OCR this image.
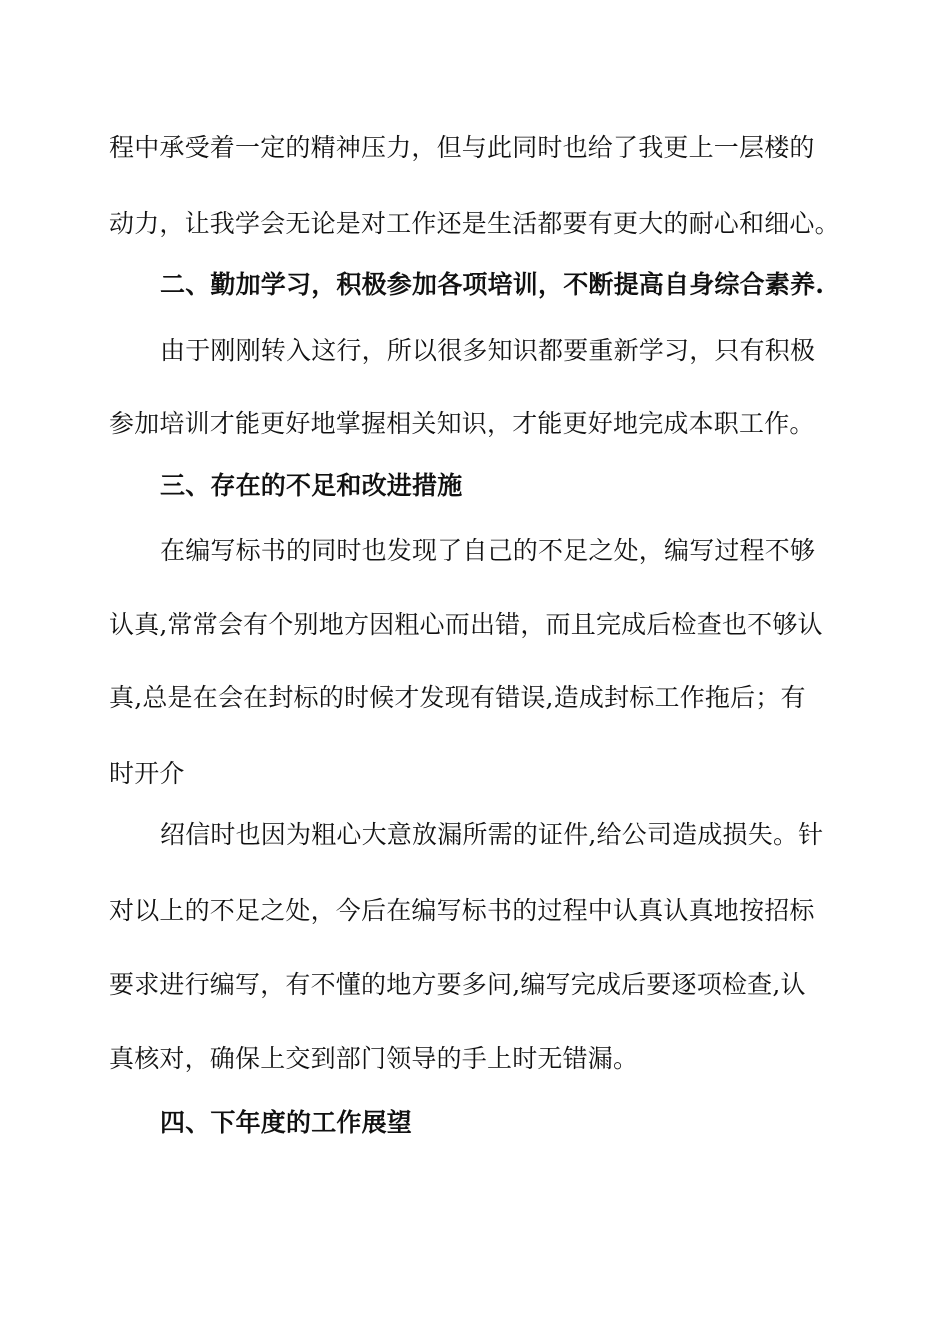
程中承受着一定的精神压力，但与此同时也给了我更上一层楼的
动力，让我学会无论是对工作还是生活都要有更大的耐心和细心。
二、勤加学习，积极参加各项培训，不断提高自身综合素养.
由于刚刚转入这行，所以很多知识都要重新学习，只有积极
参加培训才能更好地掌握相关知识，才能更好地完成本职工作。
三、存在的不足和改进措施
在编写标书的同时也发现了自己的不足之处，编写过程不够
认真,常常会有个别地方因粗心而出错，而且完成后检查也不够认
真,总是在会在封标的时候才发现有错误,造成封标工作拖后；有
时开介
绍信时也因为粗心大意放漏所需的证件,给公司造成损失。针
对以上的不足之处，今后在编写标书的过程中认真认真地按招标
要求进行编写，有不懂的地方要多问,编写完成后要逐项检查,认
真核对，确保上交到部门领导的手上时无错漏。
四、下年度的工作展望
